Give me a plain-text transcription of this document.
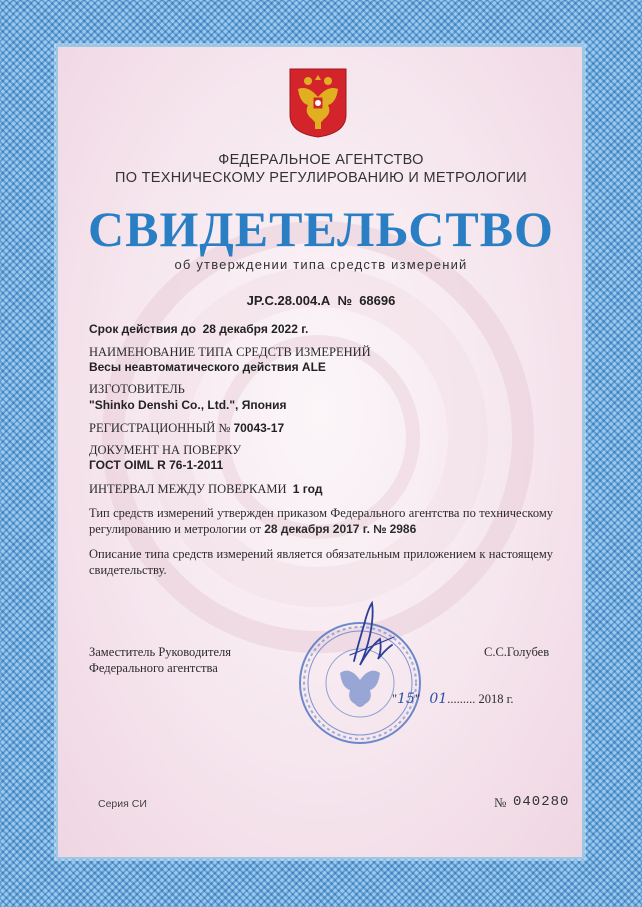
ФЕДЕРАЛЬНОЕ АГЕНТСТВО
ПО ТЕХНИЧЕСКОМУ РЕГУЛИРОВАНИЮ И МЕТРОЛОГИИ
СВИДЕТЕЛЬСТВО
об утверждении типа средств измерений
JP.C.28.004.A № 68696
Срок действия до 28 декабря 2022 г.
НАИМЕНОВАНИЕ ТИПА СРЕДСТВ ИЗМЕРЕНИЙ
Весы неавтоматического действия ALE
ИЗГОТОВИТЕЛЬ
"Shinko Denshi Co., Ltd.", Япония
РЕГИСТРАЦИОННЫЙ № 70043-17
ДОКУМЕНТ НА ПОВЕРКУ
ГОСТ OIML R 76-1-2011
ИНТЕРВАЛ МЕЖДУ ПОВЕРКАМИ 1 год
Тип средств измерений утвержден приказом Федерального агентства по техническому регулированию и метрологии от 28 декабря 2017 г. № 2986
Описание типа средств измерений является обязательным приложением к настоящему свидетельству.
Заместитель Руководителя
Федерального агентства
С.С.Голубев
"15" 01......... 2018 г.
Серия СИ	№ 040280
